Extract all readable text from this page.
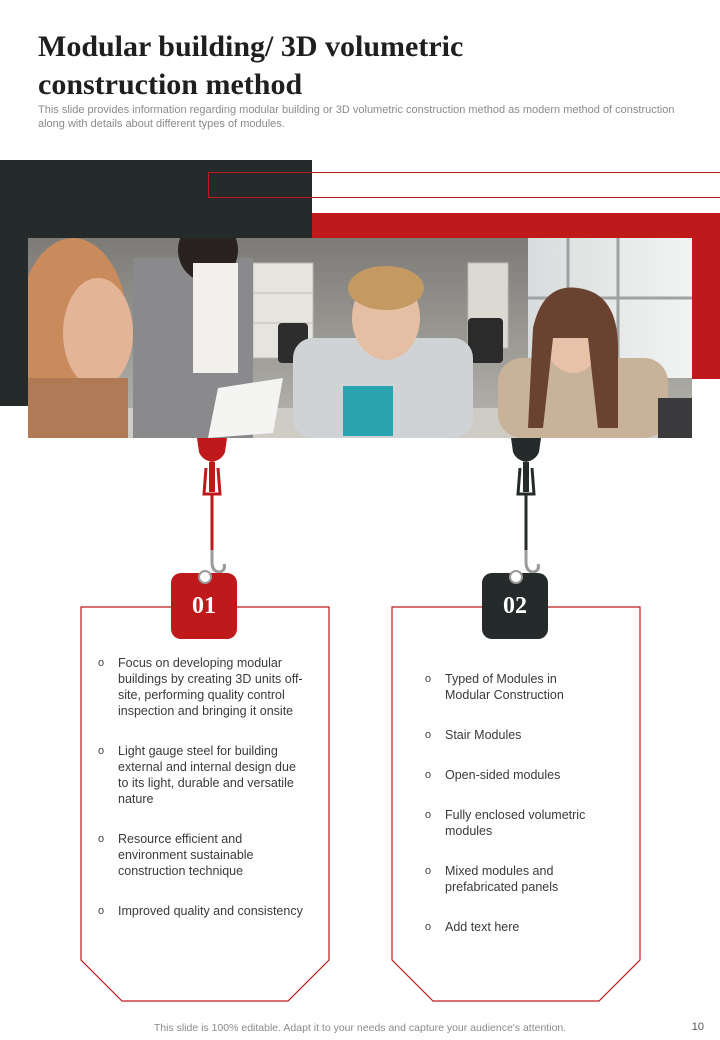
Modular building/ 3D volumetric construction method

This slide provides information regarding modular building or 3D volumetric construction method as modern method of construction along with details about different types of modules.

01
o Focus on developing modular buildings by creating 3D units off-site, performing quality control inspection and bringing it onsite
o Light gauge steel for building external and internal design due to its light, durable and versatile nature
o Resource efficient and environment sustainable construction technique
o Improved quality and consistency
02
o Typed of Modules in Modular Construction
o Stair Modules
o Open-sided modules
o Fully enclosed volumetric modules
o Mixed modules and prefabricated panels
o Add text here
This slide is 100% editable. Adapt it to your needs and capture your audience's attention.	10
